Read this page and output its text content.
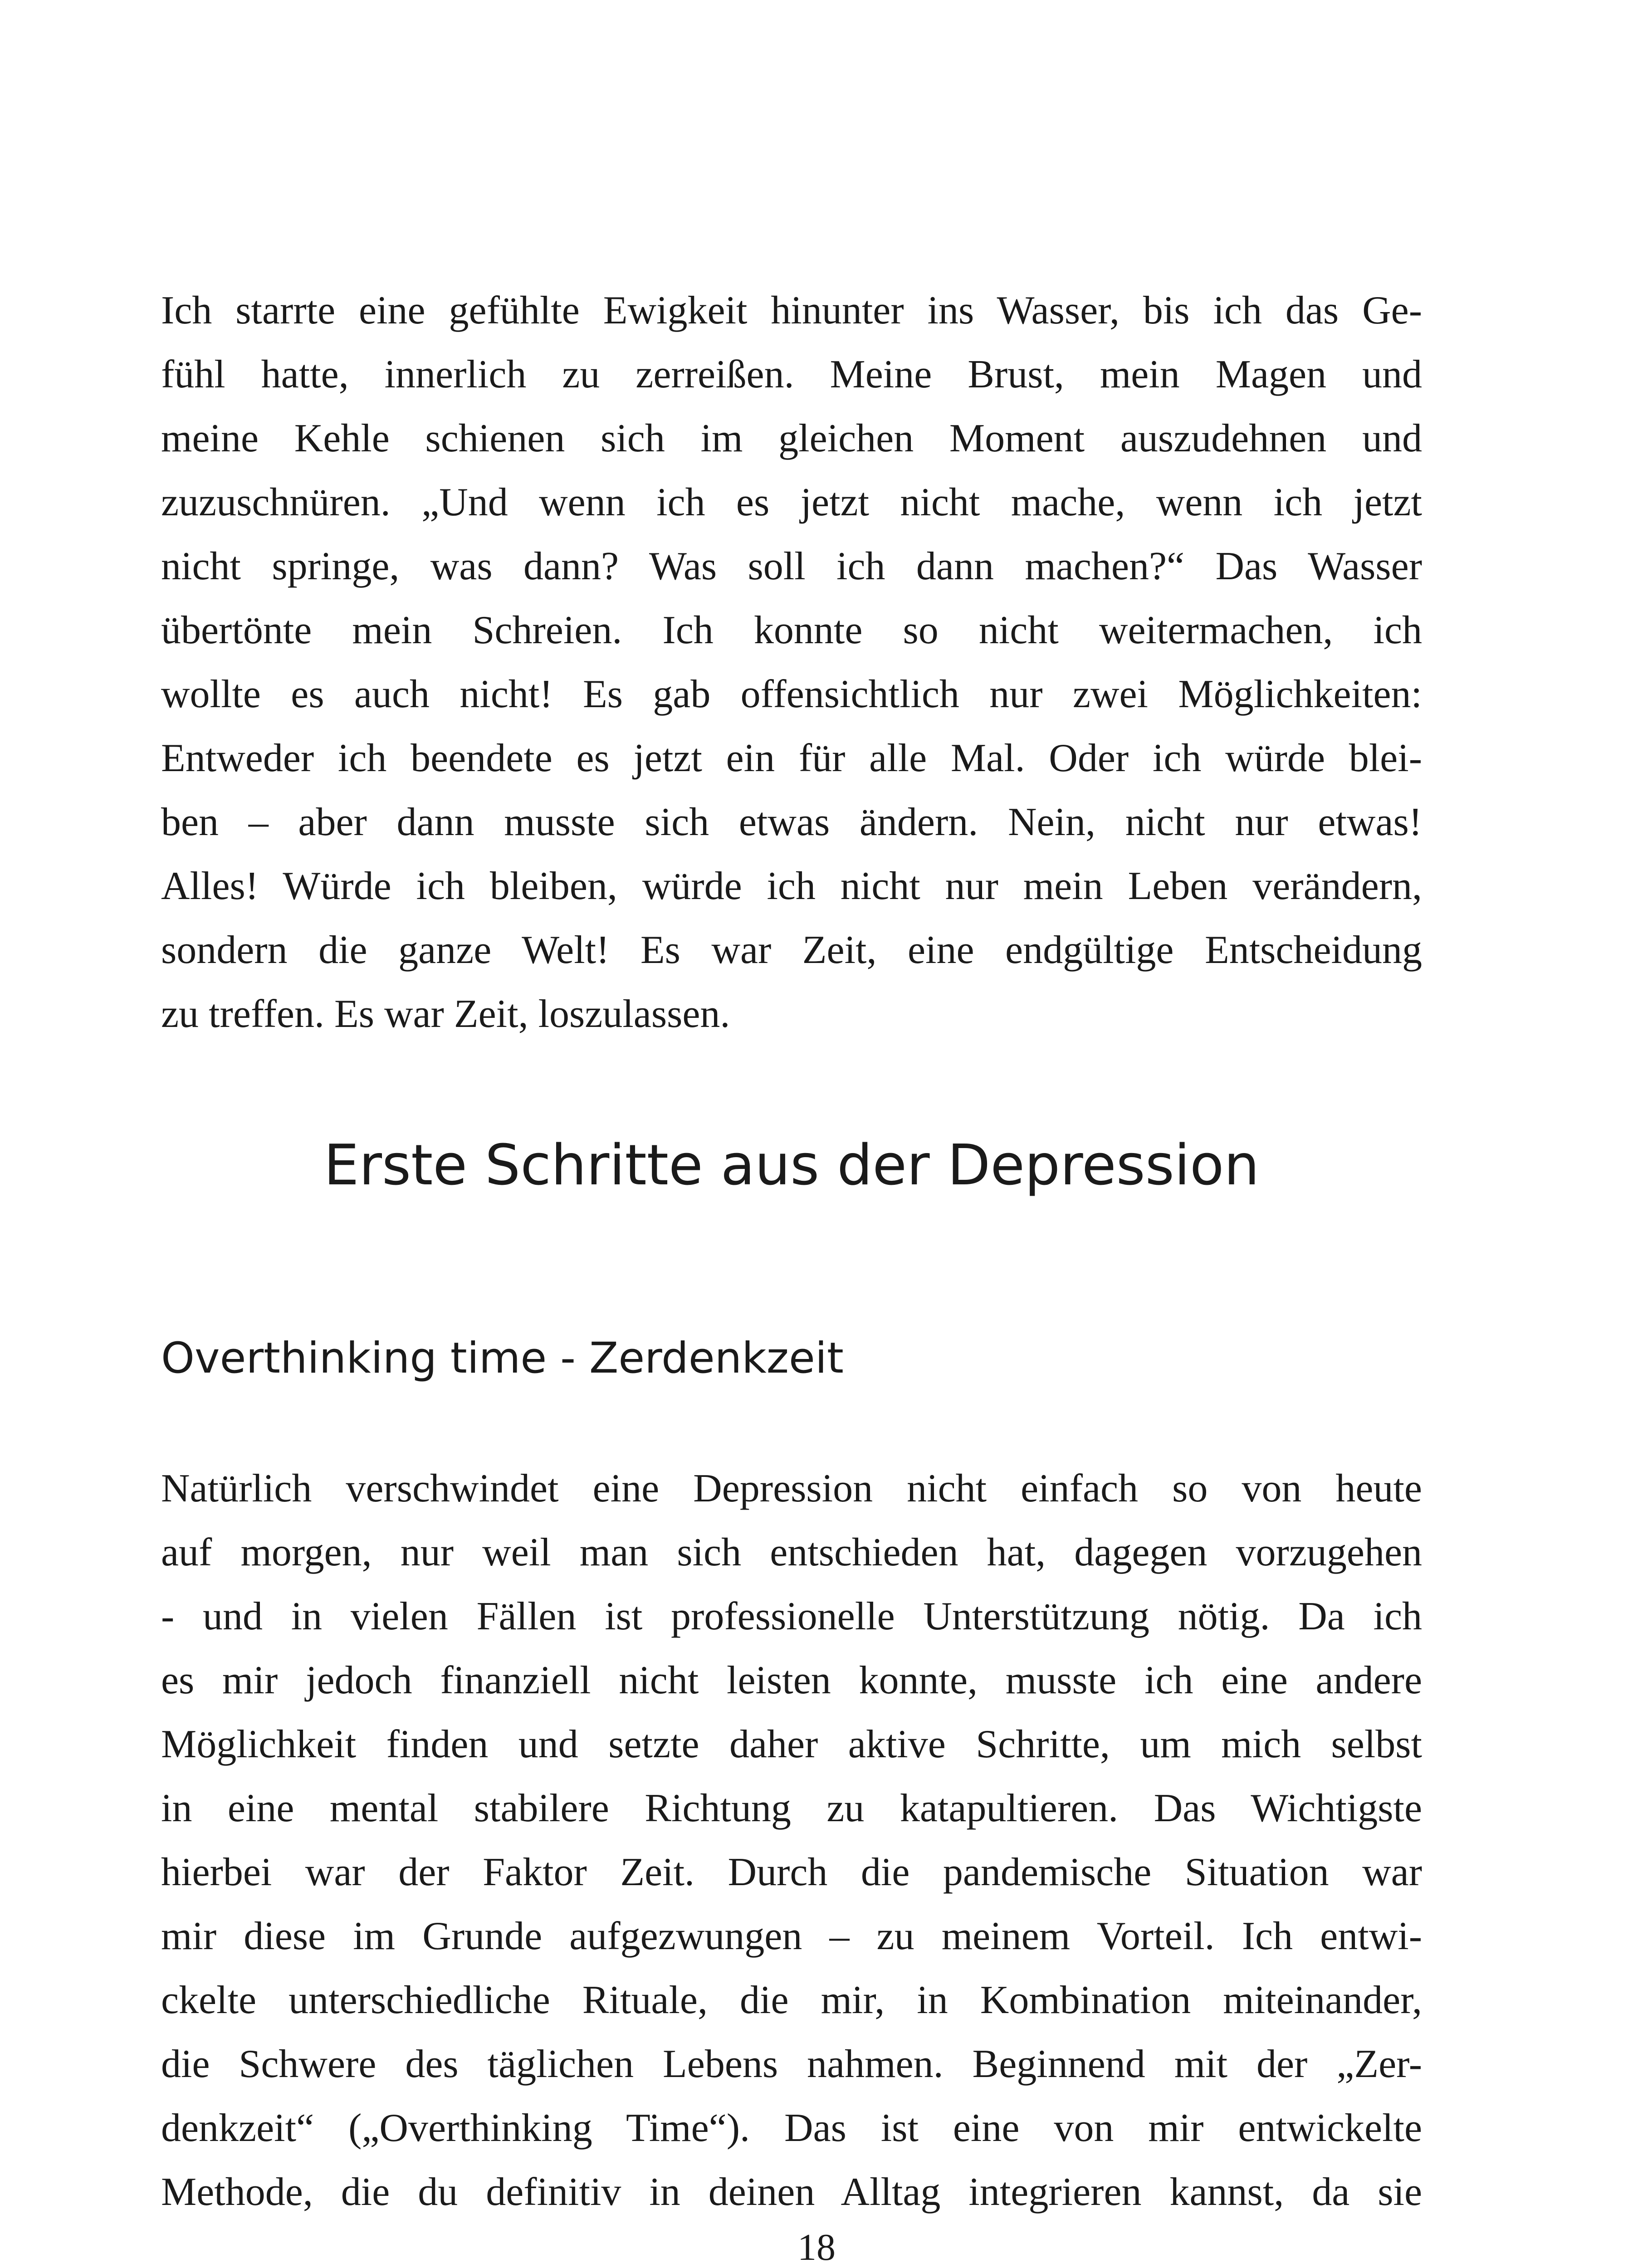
Ich starrte eine gefühlte Ewigkeit hinunter ins Wasser, bis ich das Ge-
fühl hatte, innerlich zu zerreißen. Meine Brust, mein Magen und
meine Kehle schienen sich im gleichen Moment auszudehnen und
zuzuschnüren. „Und wenn ich es jetzt nicht mache, wenn ich jetzt
nicht springe, was dann? Was soll ich dann machen?“ Das Wasser
übertönte mein Schreien. Ich konnte so nicht weitermachen, ich
wollte es auch nicht! Es gab offensichtlich nur zwei Möglichkeiten:
Entweder ich beendete es jetzt ein für alle Mal. Oder ich würde blei-
ben – aber dann musste sich etwas ändern. Nein, nicht nur etwas!
Alles! Würde ich bleiben, würde ich nicht nur mein Leben verändern,
sondern die ganze Welt! Es war Zeit, eine endgültige Entscheidung
zu treffen. Es war Zeit, loszulassen.
Erste Schritte aus der Depression
Overthinking time - Zerdenkzeit
Natürlich verschwindet eine Depression nicht einfach so von heute
auf morgen, nur weil man sich entschieden hat, dagegen vorzugehen
- und in vielen Fällen ist professionelle Unterstützung nötig. Da ich
es mir jedoch finanziell nicht leisten konnte, musste ich eine andere
Möglichkeit finden und setzte daher aktive Schritte, um mich selbst
in eine mental stabilere Richtung zu katapultieren. Das Wichtigste
hierbei war der Faktor Zeit. Durch die pandemische Situation war
mir diese im Grunde aufgezwungen – zu meinem Vorteil. Ich entwi-
ckelte unterschiedliche Rituale, die mir, in Kombination miteinander,
die Schwere des täglichen Lebens nahmen. Beginnend mit der „Zer-
denkzeit“ („Overthinking Time“). Das ist eine von mir entwickelte
Methode, die du definitiv in deinen Alltag integrieren kannst, da sie
18
